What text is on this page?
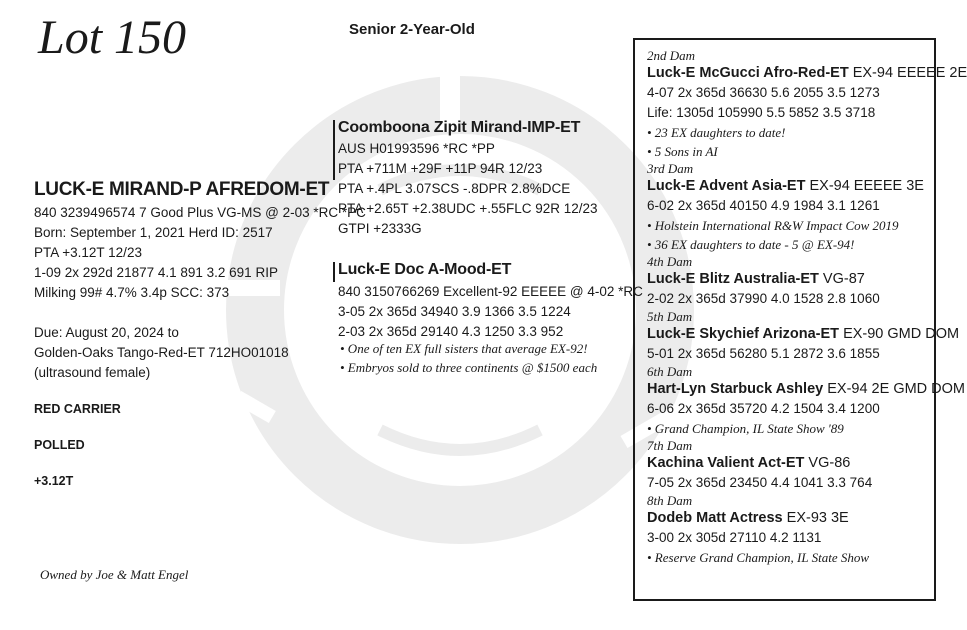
Lot 150	Senior 2-Year-Old
LUCK-E MIRAND-P AFREDOM-ET
840 3239496574 7 Good Plus VG-MS @ 2-03 *RC *PC
Born: September 1, 2021 Herd ID: 2517
PTA +3.12T 12/23
1-09 2x 292d 21877 4.1 891 3.2 691 RIP
Milking 99# 4.7% 3.4p SCC: 373
Due: August 20, 2024 to
Golden-Oaks Tango-Red-ET 712HO01018
(ultrasound female)
RED CARRIER
POLLED
+3.12T
Owned by Joe & Matt Engel
Coomboona Zipit Mirand-IMP-ET
AUS H01993596 *RC *PP
PTA +711M +29F +11P 94R 12/23
PTA +.4PL 3.07SCS -.8DPR 2.8%DCE
PTA +2.65T +2.38UDC +.55FLC 92R 12/23
GTPI +2333G
Luck-E Doc A-Mood-ET
840 3150766269 Excellent-92 EEEEE @ 4-02 *RC
3-05 2x 365d 34940 3.9 1366 3.5 1224
2-03 2x 365d 29140 4.3 1250 3.3 952
• One of ten EX full sisters that average EX-92!
• Embryos sold to three continents @ $1500 each
2nd Dam
Luck-E McGucci Afro-Red-ET EX-94 EEEEE 2E
4-07 2x 365d 36630 5.6 2055 3.5 1273
Life: 1305d 105990 5.5 5852 3.5 3718
• 23 EX daughters to date!
• 5 Sons in AI
3rd Dam
Luck-E Advent Asia-ET EX-94 EEEEE 3E
6-02 2x 365d 40150 4.9 1984 3.1 1261
• Holstein International R&W Impact Cow 2019
• 36 EX daughters to date - 5 @ EX-94!
4th Dam
Luck-E Blitz Australia-ET VG-87
2-02 2x 365d 37990 4.0 1528 2.8 1060
5th Dam
Luck-E Skychief Arizona-ET EX-90 GMD DOM
5-01 2x 365d 56280 5.1 2872 3.6 1855
6th Dam
Hart-Lyn Starbuck Ashley EX-94 2E GMD DOM
6-06 2x 365d 35720 4.2 1504 3.4 1200
• Grand Champion, IL State Show '89
7th Dam
Kachina Valient Act-ET VG-86
7-05 2x 365d 23450 4.4 1041 3.3 764
8th Dam
Dodeb Matt Actress EX-93 3E
3-00 2x 305d 27110 4.2 1131
• Reserve Grand Champion, IL State Show
